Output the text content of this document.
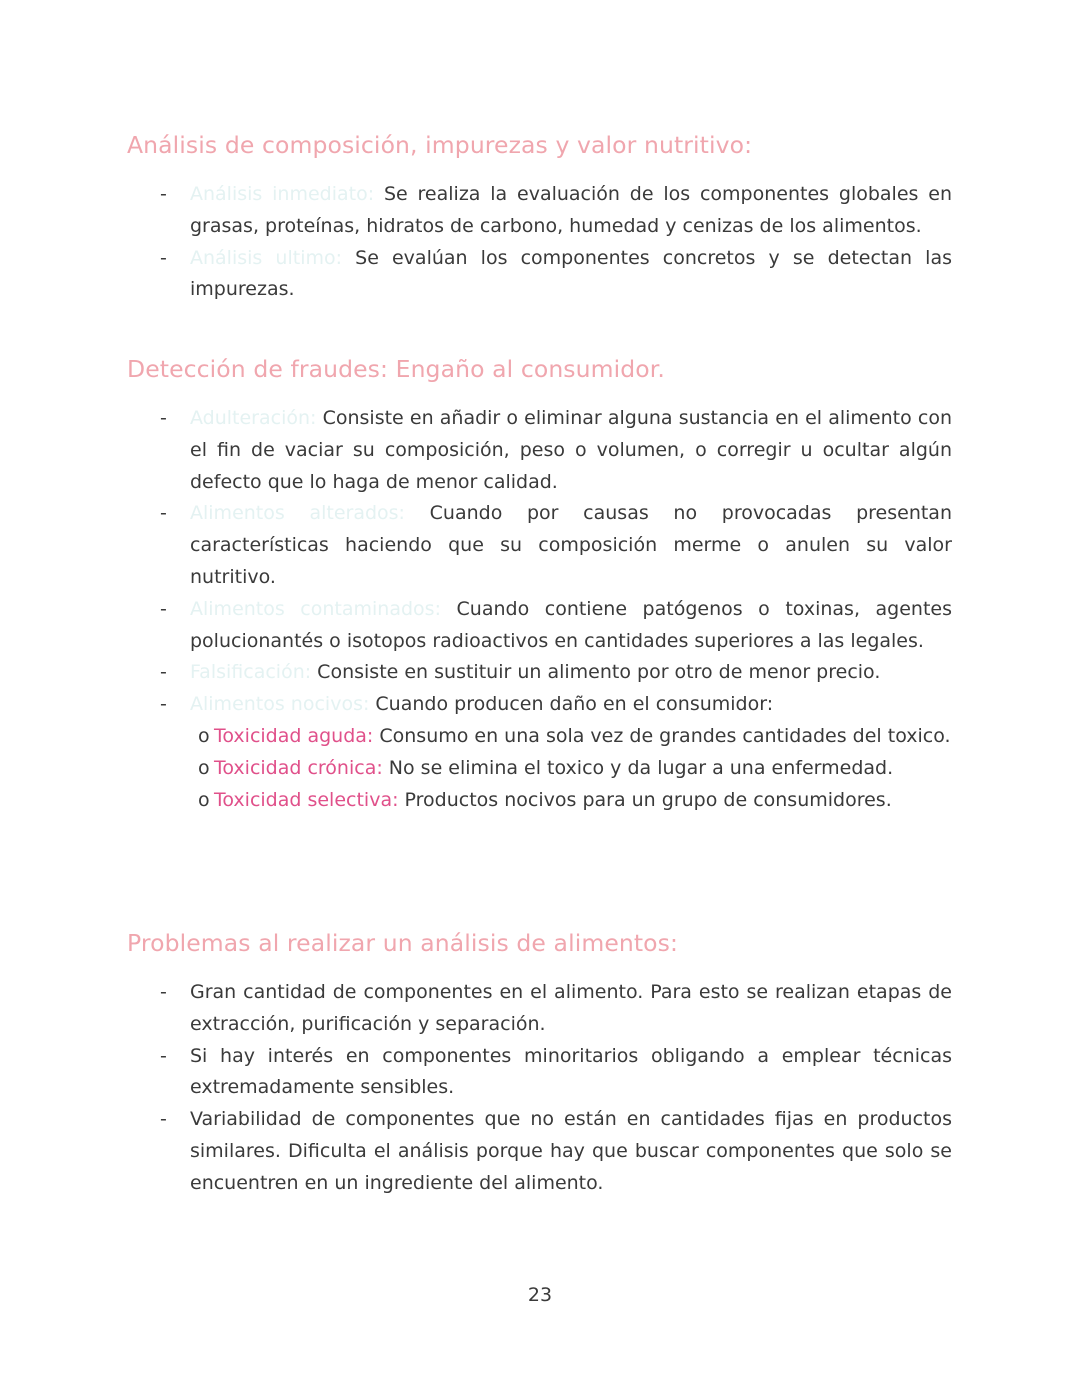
Análisis de composición, impurezas y valor nutritivo:
- Análisis inmediato: Se realiza la evaluación de los componentes globales en grasas, proteínas, hidratos de carbono, humedad y cenizas de los alimentos.
- Análisis ultimo: Se evalúan los componentes concretos y se detectan las impurezas.
Detección de fraudes: Engaño al consumidor.
- Adulteración: Consiste en añadir o eliminar alguna sustancia en el alimento con el fin de vaciar su composición, peso o volumen, o corregir u ocultar algún defecto que lo haga de menor calidad.
- Alimentos alterados: Cuando por causas no provocadas presentan características haciendo que su composición merme o anulen su valor nutritivo.
- Alimentos contaminados: Cuando contiene patógenos o toxinas, agentes polucionantés o isotopos radioactivos en cantidades superiores a las legales.
- Falsificación: Consiste en sustituir un alimento por otro de menor precio.
- Alimentos nocivos: Cuando producen daño en el consumidor:
o Toxicidad aguda: Consumo en una sola vez de grandes cantidades del toxico.
o Toxicidad crónica: No se elimina el toxico y da lugar a una enfermedad.
o Toxicidad selectiva: Productos nocivos para un grupo de consumidores.
Problemas al realizar un análisis de alimentos:
- Gran cantidad de componentes en el alimento. Para esto se realizan etapas de extracción, purificación y separación.
- Si hay interés en componentes minoritarios obligando a emplear técnicas extremadamente sensibles.
- Variabilidad de componentes que no están en cantidades fijas en productos similares. Dificulta el análisis porque hay que buscar componentes que solo se encuentren en un ingrediente del alimento.
23
